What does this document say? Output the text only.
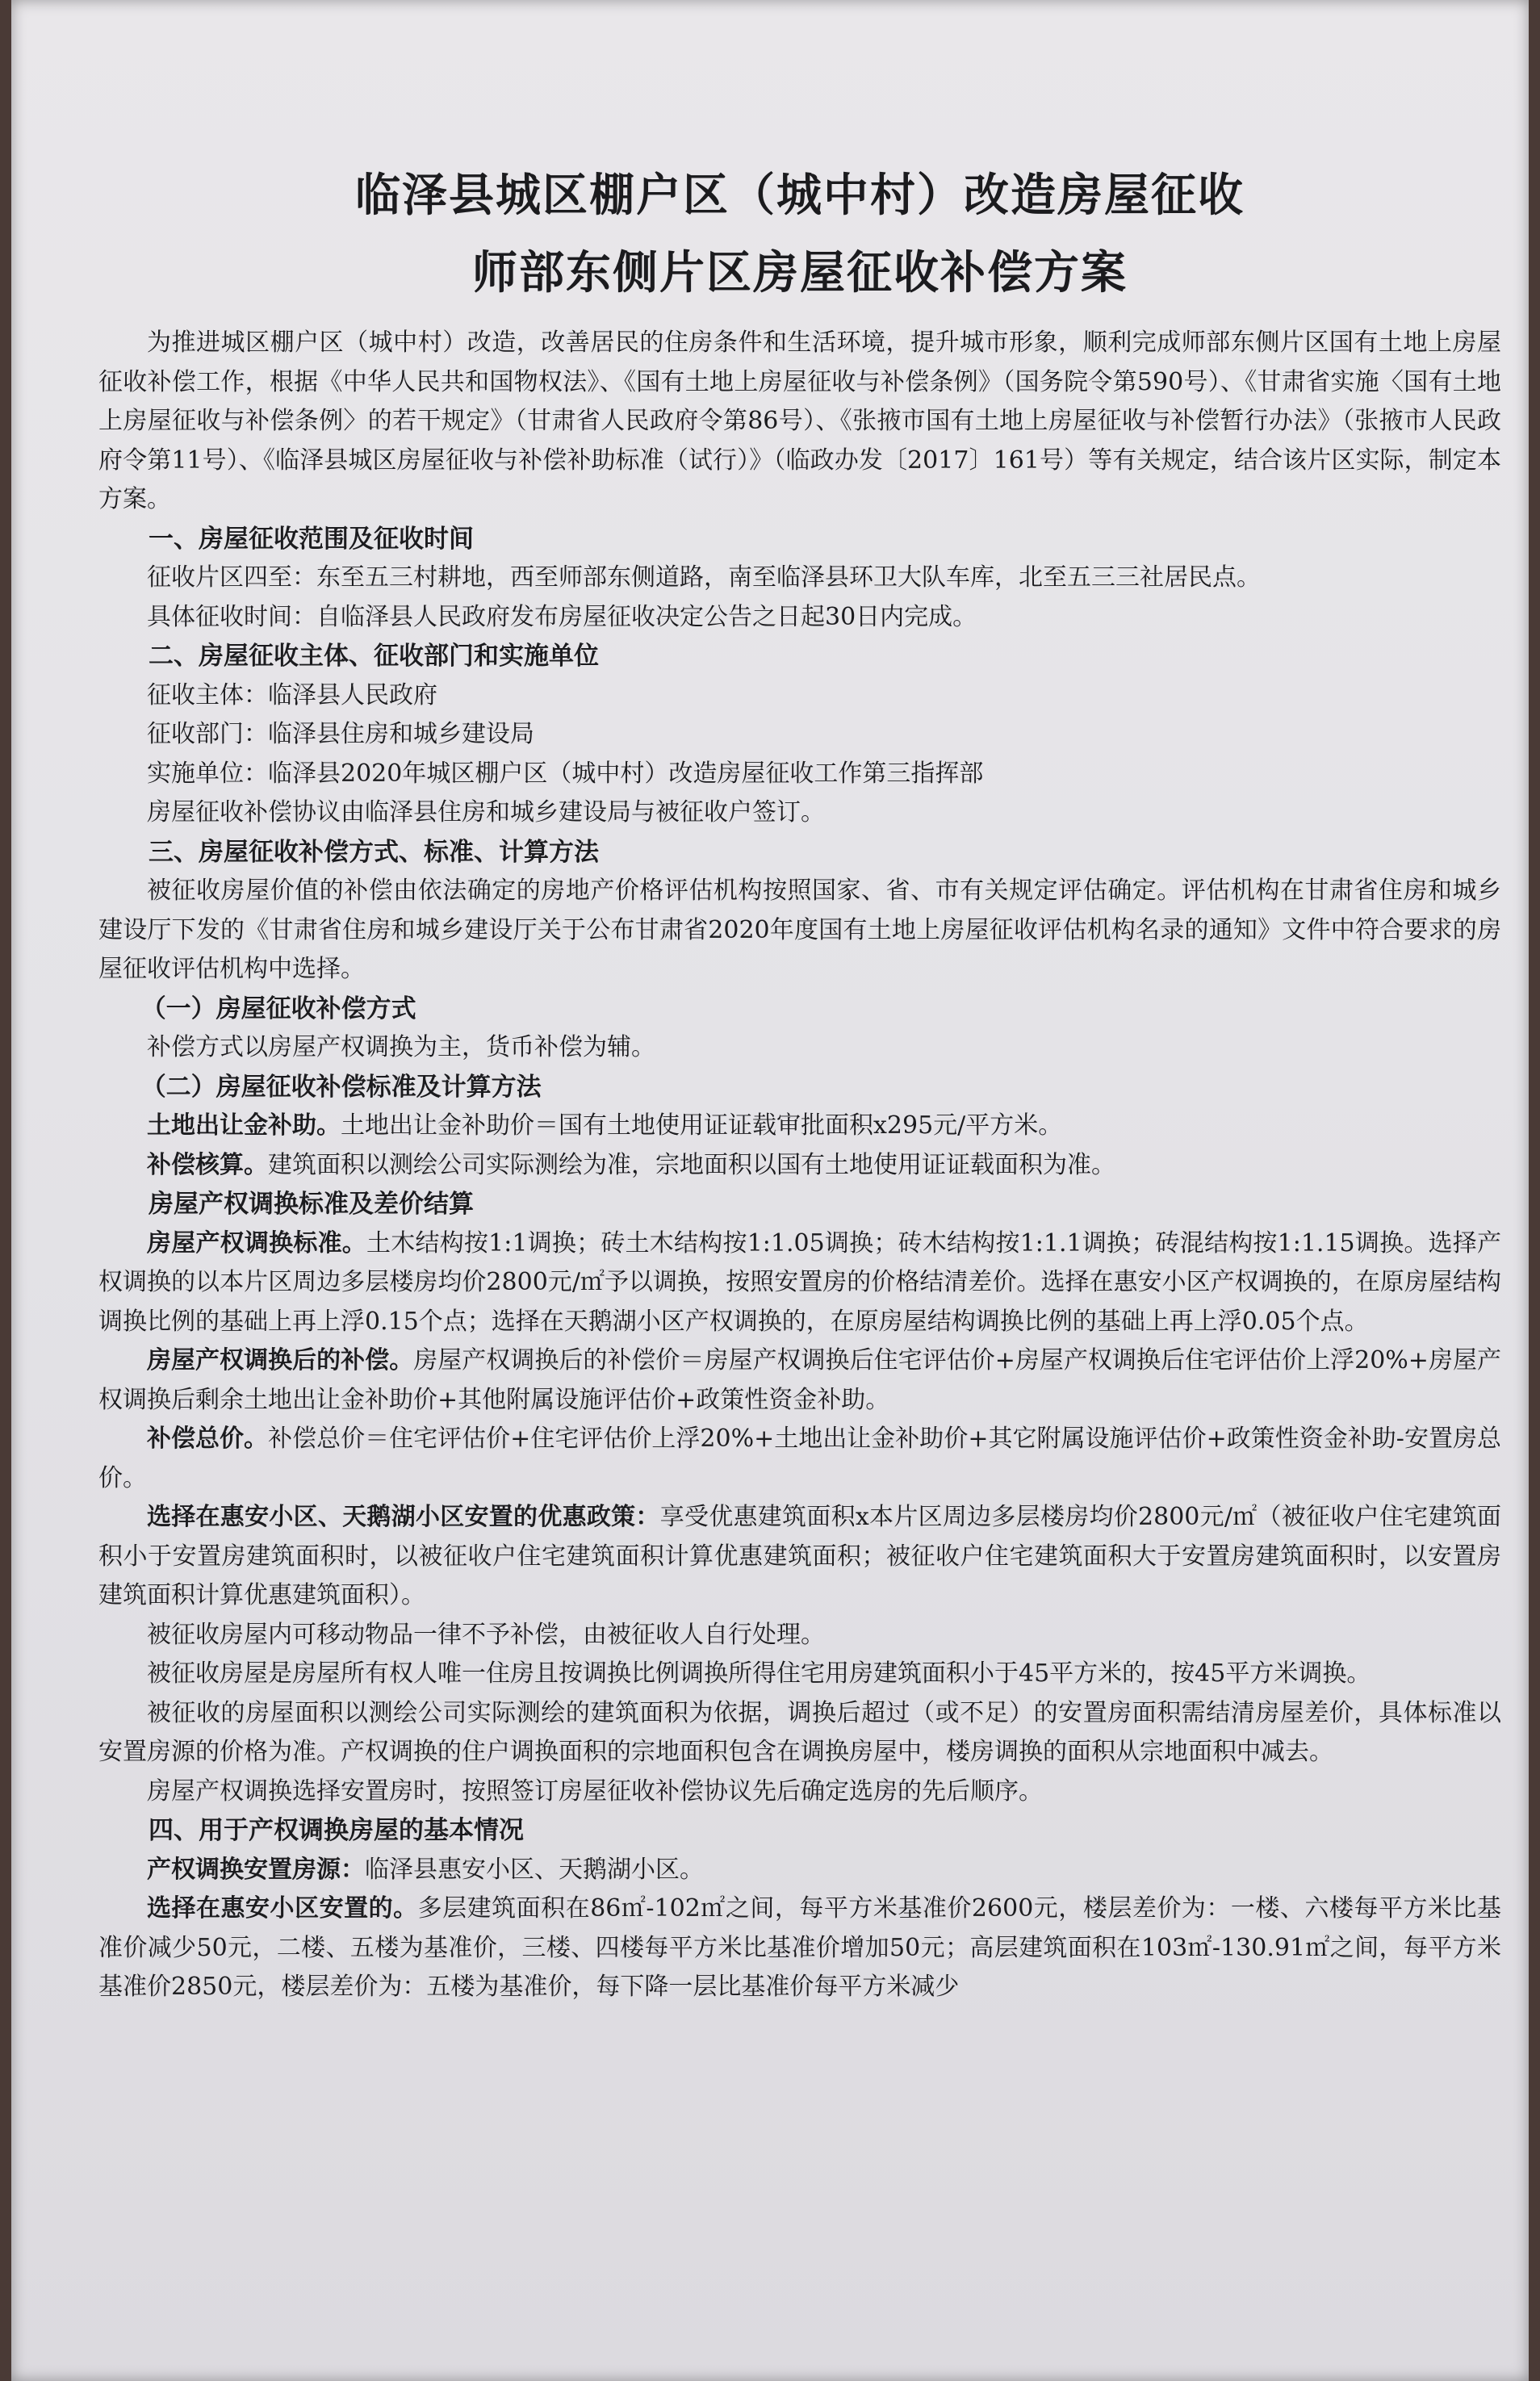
临泽县城区棚户区（城中村）改造房屋征收
师部东侧片区房屋征收补偿方案

为推进城区棚户区（城中村）改造，改善居民的住房条件和生活环境，提升城市形象，顺利完成师部东侧片区国有土地上房屋征收补偿工作，根据《中华人民共和国物权法》、《国有土地上房屋征收与补偿条例》（国务院令第590号）、《甘肃省实施〈国有土地上房屋征收与补偿条例〉的若干规定》（甘肃省人民政府令第86号）、《张掖市国有土地上房屋征收与补偿暂行办法》（张掖市人民政府令第11号）、《临泽县城区房屋征收与补偿补助标准（试行）》（临政办发〔2017〕161号）等有关规定，结合该片区实际，制定本方案。

一、房屋征收范围及征收时间

征收片区四至：东至五三村耕地，西至师部东侧道路，南至临泽县环卫大队车库，北至五三三社居民点。

具体征收时间：自临泽县人民政府发布房屋征收决定公告之日起30日内完成。

二、房屋征收主体、征收部门和实施单位

征收主体：临泽县人民政府

征收部门：临泽县住房和城乡建设局

实施单位：临泽县2020年城区棚户区（城中村）改造房屋征收工作第三指挥部

房屋征收补偿协议由临泽县住房和城乡建设局与被征收户签订。

三、房屋征收补偿方式、标准、计算方法

被征收房屋价值的补偿由依法确定的房地产价格评估机构按照国家、省、市有关规定评估确定。评估机构在甘肃省住房和城乡建设厅下发的《甘肃省住房和城乡建设厅关于公布甘肃省2020年度国有土地上房屋征收评估机构名录的通知》文件中符合要求的房屋征收评估机构中选择。

（一）房屋征收补偿方式

补偿方式以房屋产权调换为主，货币补偿为辅。

（二）房屋征收补偿标准及计算方法

土地出让金补助。土地出让金补助价＝国有土地使用证证载审批面积x295元/平方米。

补偿核算。建筑面积以测绘公司实际测绘为准，宗地面积以国有土地使用证证载面积为准。

房屋产权调换标准及差价结算

房屋产权调换标准。土木结构按1:1调换；砖土木结构按1:1.05调换；砖木结构按1:1.1调换；砖混结构按1:1.15调换。选择产权调换的以本片区周边多层楼房均价2800元/㎡予以调换，按照安置房的价格结清差价。选择在惠安小区产权调换的，在原房屋结构调换比例的基础上再上浮0.15个点；选择在天鹅湖小区产权调换的，在原房屋结构调换比例的基础上再上浮0.05个点。

房屋产权调换后的补偿。房屋产权调换后的补偿价＝房屋产权调换后住宅评估价+房屋产权调换后住宅评估价上浮20%+房屋产权调换后剩余土地出让金补助价+其他附属设施评估价+政策性资金补助。

补偿总价。补偿总价＝住宅评估价+住宅评估价上浮20%+土地出让金补助价+其它附属设施评估价+政策性资金补助-安置房总价。

选择在惠安小区、天鹅湖小区安置的优惠政策：享受优惠建筑面积x本片区周边多层楼房均价2800元/㎡（被征收户住宅建筑面积小于安置房建筑面积时，以被征收户住宅建筑面积计算优惠建筑面积；被征收户住宅建筑面积大于安置房建筑面积时，以安置房建筑面积计算优惠建筑面积）。

被征收房屋内可移动物品一律不予补偿，由被征收人自行处理。

被征收房屋是房屋所有权人唯一住房且按调换比例调换所得住宅用房建筑面积小于45平方米的，按45平方米调换。

被征收的房屋面积以测绘公司实际测绘的建筑面积为依据，调换后超过（或不足）的安置房面积需结清房屋差价，具体标准以安置房源的价格为准。产权调换的住户调换面积的宗地面积包含在调换房屋中，楼房调换的面积从宗地面积中减去。

房屋产权调换选择安置房时，按照签订房屋征收补偿协议先后确定选房的先后顺序。

四、用于产权调换房屋的基本情况

产权调换安置房源：临泽县惠安小区、天鹅湖小区。

选择在惠安小区安置的。多层建筑面积在86㎡-102㎡之间，每平方米基准价2600元，楼层差价为：一楼、六楼每平方米比基准价减少50元，二楼、五楼为基准价，三楼、四楼每平方米比基准价增加50元；高层建筑面积在103㎡-130.91㎡之间，每平方米基准价2850元，楼层差价为：五楼为基准价，每下降一层比基准价每平方米减少
